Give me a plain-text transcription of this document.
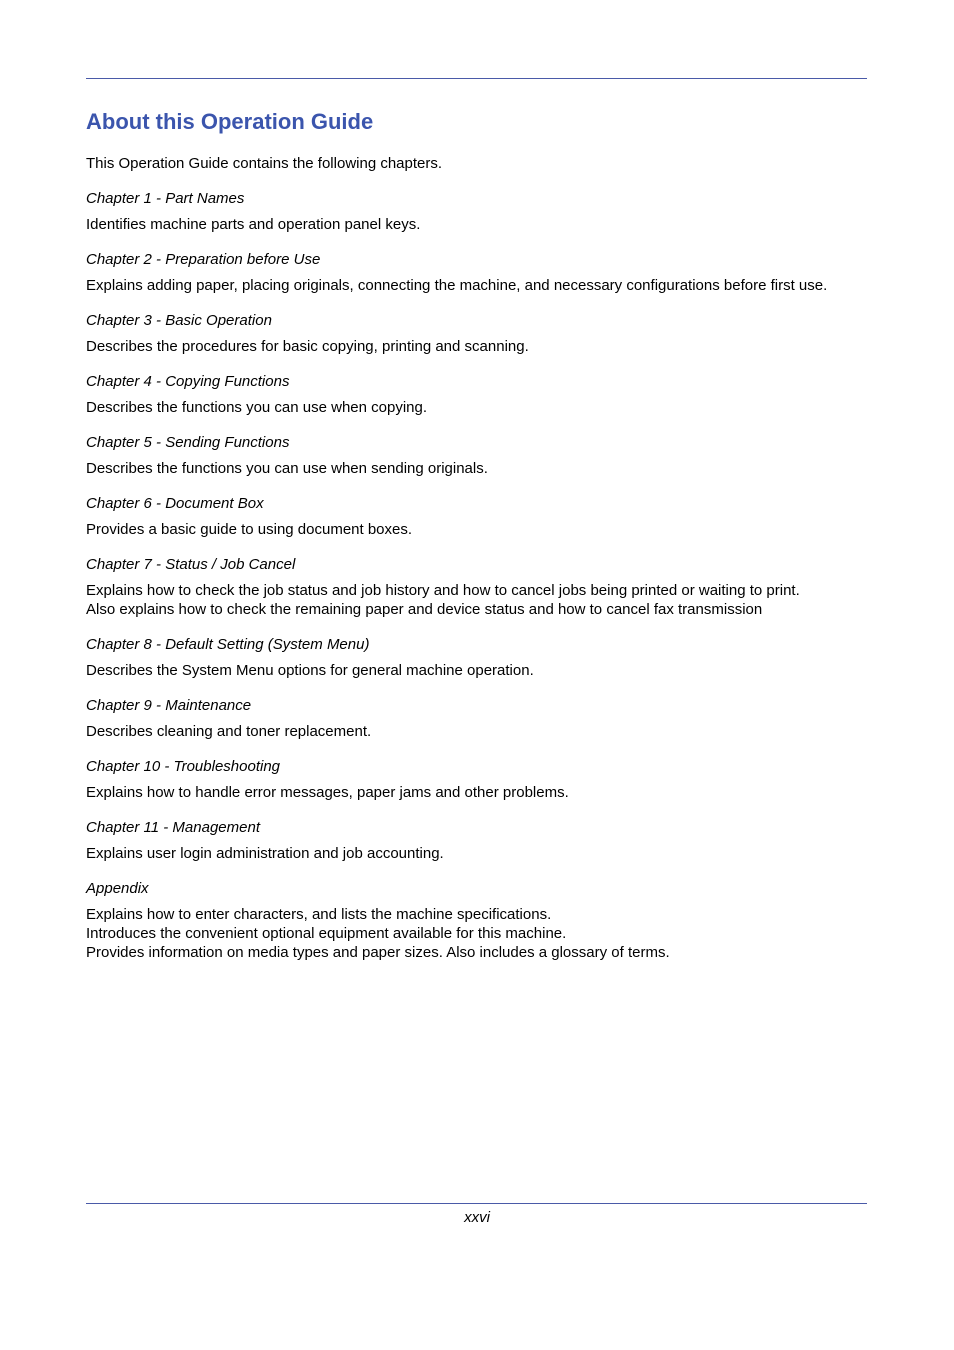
About this Operation Guide
This Operation Guide contains the following chapters.
Chapter 1 - Part Names
Identifies machine parts and operation panel keys.
Chapter 2 - Preparation before Use
Explains adding paper, placing originals, connecting the machine, and necessary configurations before first use.
Chapter 3 - Basic Operation
Describes the procedures for basic copying, printing and scanning.
Chapter 4 - Copying Functions
Describes the functions you can use when copying.
Chapter 5 - Sending Functions
Describes the functions you can use when sending originals.
Chapter 6 - Document Box
Provides a basic guide to using document boxes.
Chapter 7 - Status / Job Cancel
Explains how to check the job status and job history and how to cancel jobs being printed or waiting to print.
Also explains how to check the remaining paper and device status and how to cancel fax transmission
Chapter 8 - Default Setting (System Menu)
Describes the System Menu options for general machine operation.
Chapter 9 - Maintenance
Describes cleaning and toner replacement.
Chapter 10 - Troubleshooting
Explains how to handle error messages, paper jams and other problems.
Chapter 11 - Management
Explains user login administration and job accounting.
Appendix
Explains how to enter characters, and lists the machine specifications.
Introduces the convenient optional equipment available for this machine.
Provides information on media types and paper sizes. Also includes a glossary of terms.
xxvi
